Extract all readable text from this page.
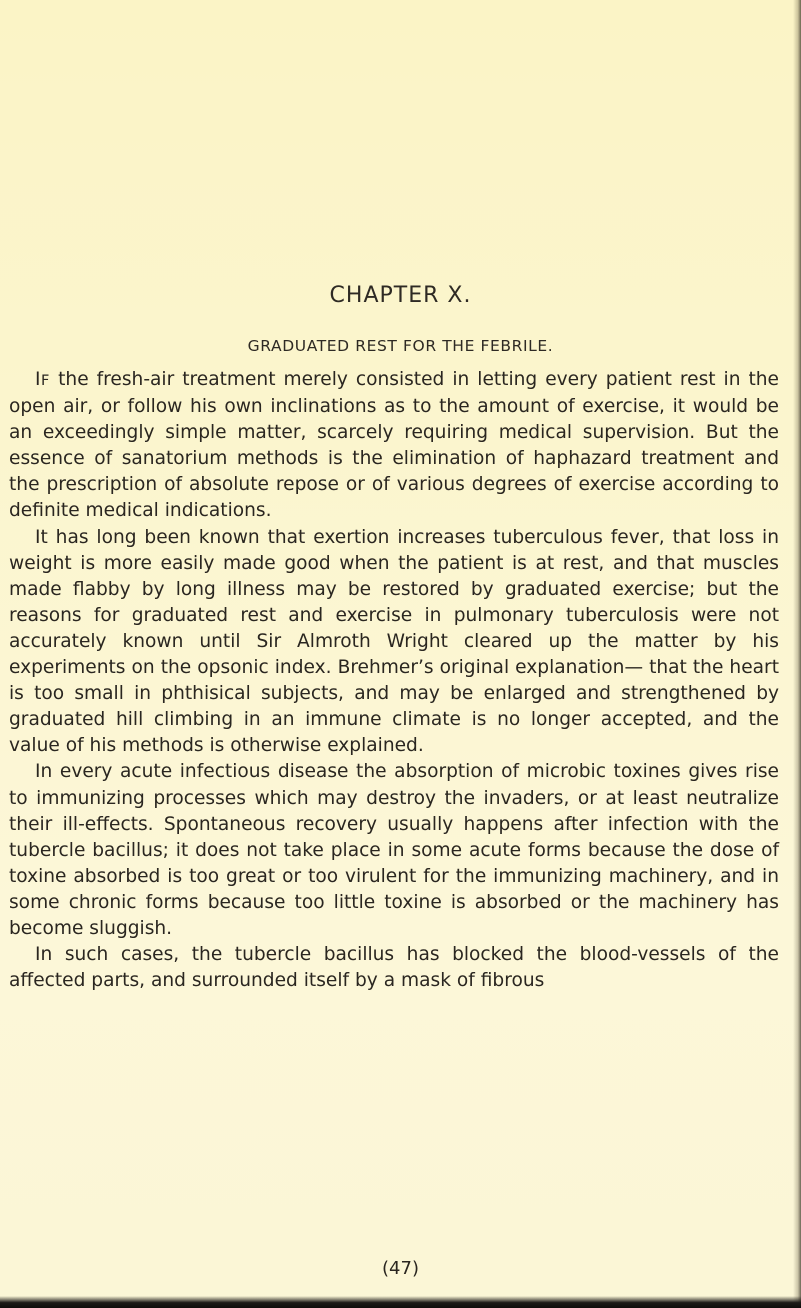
CHAPTER X.
GRADUATED REST FOR THE FEBRILE.

IF the fresh-air treatment merely consisted in letting every patient rest in the open air, or follow his own inclinations as to the amount of exercise, it would be an exceedingly simple matter, scarcely requiring medical supervision. But the essence of sanatorium methods is the elimination of haphazard treatment and the prescription of absolute repose or of various degrees of exercise according to definite medical indications.

It has long been known that exertion increases tuberculous fever, that loss in weight is more easily made good when the patient is at rest, and that muscles made flabby by long illness may be restored by graduated exercise; but the reasons for graduated rest and exercise in pulmonary tuberculosis were not accurately known until Sir Almroth Wright cleared up the matter by his experiments on the opsonic index. Brehmer’s original explanation— that the heart is too small in phthisical subjects, and may be enlarged and strengthened by graduated hill climbing in an immune climate is no longer accepted, and the value of his methods is otherwise explained.

In every acute infectious disease the absorption of microbic toxines gives rise to immunizing processes which may destroy the invaders, or at least neutralize their ill-effects. Spontaneous recovery usually happens after infection with the tubercle bacillus; it does not take place in some acute forms because the dose of toxine absorbed is too great or too virulent for the immunizing machinery, and in some chronic forms because too little toxine is absorbed or the machinery has become sluggish.

In such cases, the tubercle bacillus has blocked the blood-vessels of the affected parts, and surrounded itself by a mask of fibrous

(47)
